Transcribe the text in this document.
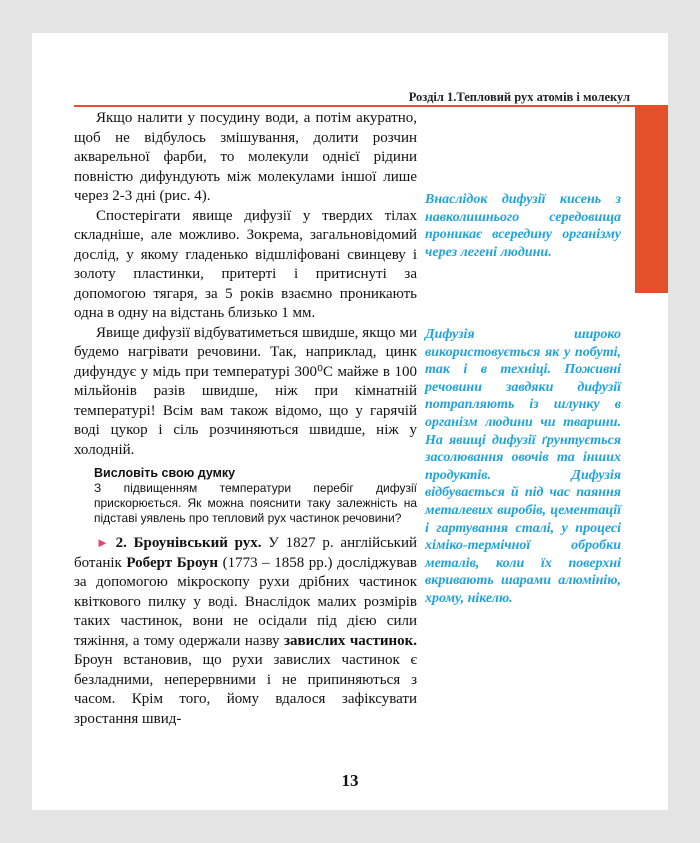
Розділ 1.Тепловий рух атомів і молекул

Якщо налити у посудину води, а потім акуратно, щоб не відбулось змішування, долити розчин акварельної фарби, то молекули однієї рідини повністю дифундують між молекулами іншої лише через 2-3 дні (рис. 4).

Спостерігати явище дифузії у твердих тілах складніше, але можливо. Зокрема, загальновідомий дослід, у якому гладенько відшліфовані свинцеву і золоту пластинки, притерті і притиснуті за допомогою тягаря, за 5 років взаємно проникають одна в одну на відстань близько 1 мм.

Явище дифузії відбуватиметься швидше, якщо ми будемо нагрівати речовини. Так, наприклад, цинк дифундує у мідь при температурі 300⁰С майже в 100 мільйонів разів швидше, ніж при кімнатній температурі! Всім вам також відомо, що у гарячій воді цукор і сіль розчиняються швидше, ніж у холодній.

Висловіть свою думку
З підвищенням температури перебіг дифузії прискорюється. Як можна пояснити таку залежність на підставі уявлень про тепловий рух частинок речовини?

► 2. Броунівський рух. У 1827 р. англійський ботанік Роберт Броун (1773 – 1858 рр.) досліджував за допомогою мікроскопу рухи дрібних частинок квіткового пилку у воді. Внаслідок малих розмірів таких частинок, вони не осідали під дією сили тяжіння, а тому одержали назву завислих частинок. Броун встановив, що рухи завислих частинок є безладними, неперервними і не припиняються з часом. Крім того, йому вдалося зафіксувати зростання швид-

Внаслідок дифузії кисень з навколишнього середовища проникає всередину організму через легені людини.
Дифузія широко використовується як у побуті, так і в техніці. Поживні речовини завдяки дифузії потрапляють із шлунку в організм людини чи тварини. На явищі дифузії ґрунтується засолювання овочів та інших продуктів. Дифузія відбувається й під час паяння металевих виробів, цементації і гартування сталі, у процесі хіміко-термічної обробки металів, коли їх поверхні вкривають шарами алюмінію, хрому, нікелю.
13
